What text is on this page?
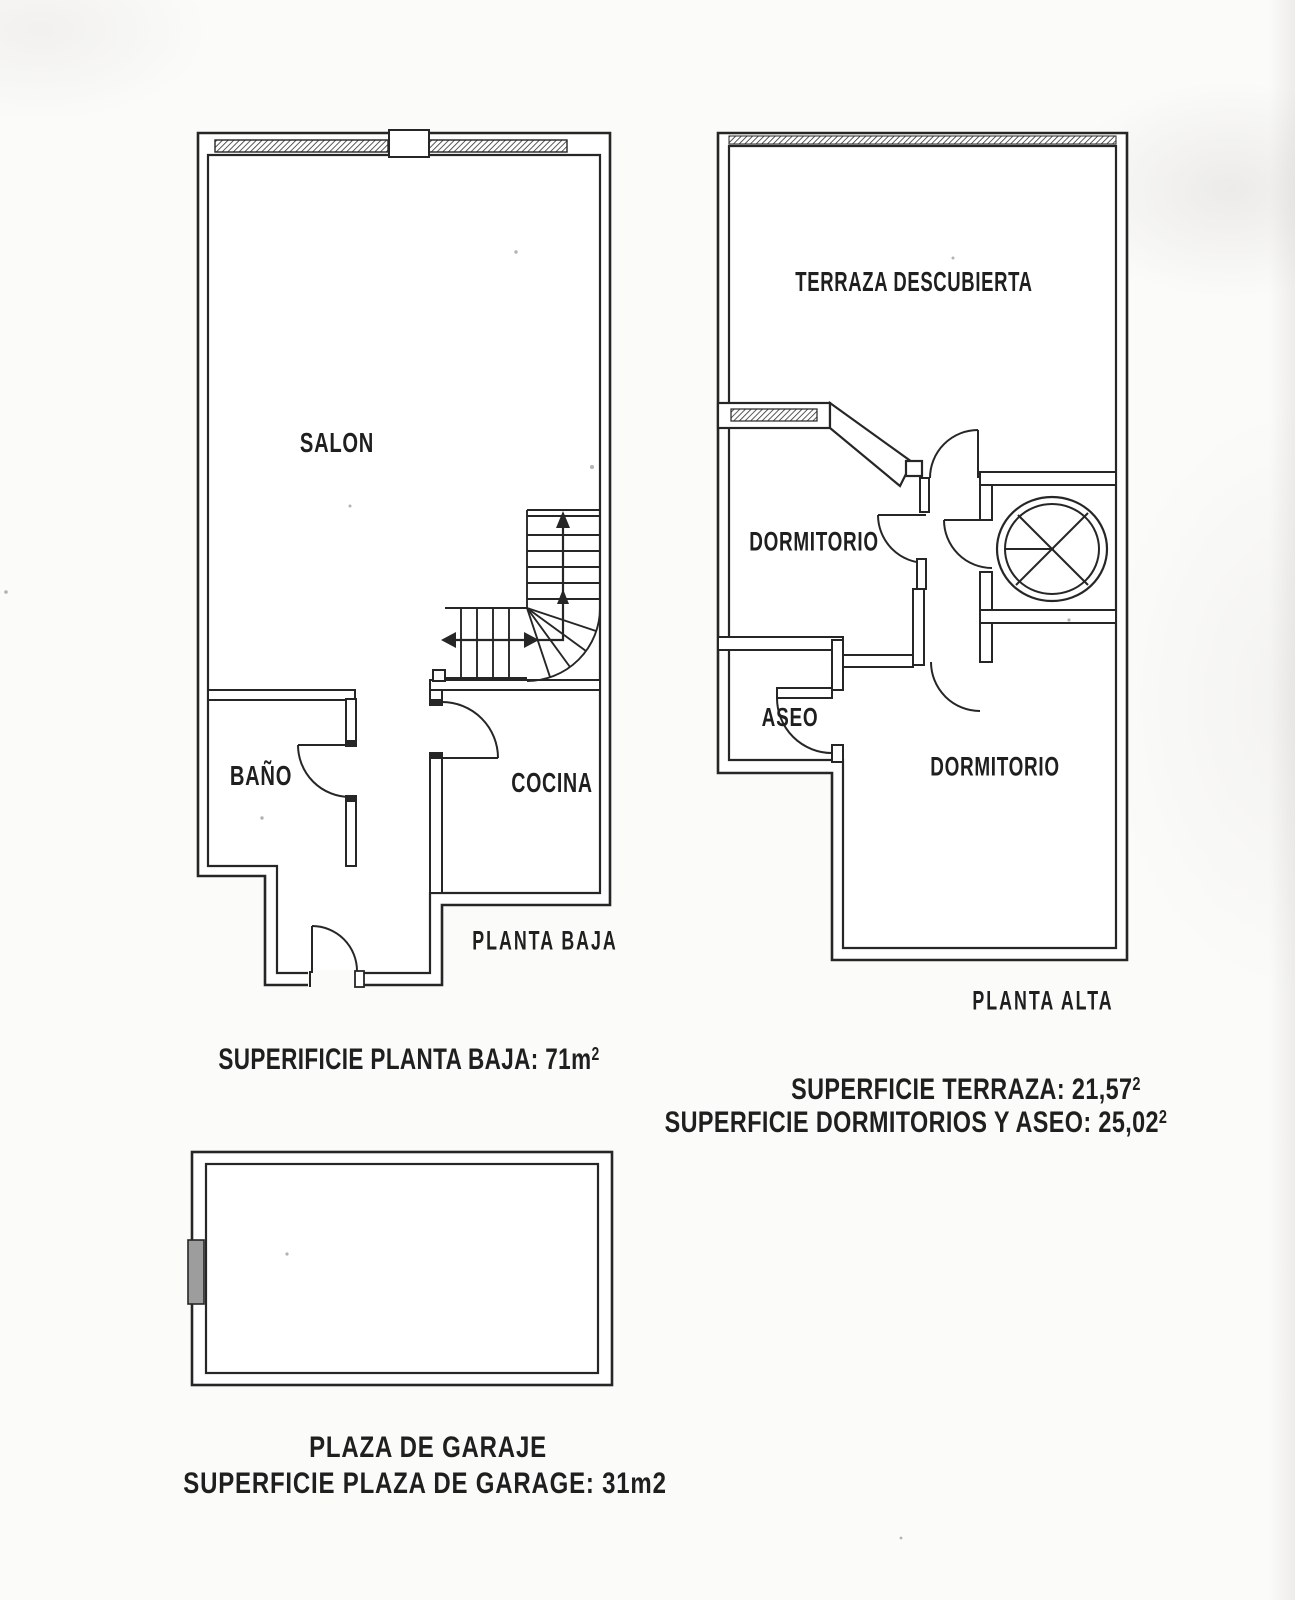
SALON
BAÑO	COCINA
PLANTA BAJA
TERRAZA DESCUBIERTA
DORMITORIO
ASEO
DORMITORIO
PLANTA ALTA
SUPERIFICIE PLANTA BAJA: $71m^2$
SUPERFICIE TERRAZA: 21,57$^2$
SUPERFICIE DORMITORIOS Y ASEO: 25,02$^2$
PLAZA DE GARAJE
SUPERFICIE PLAZA DE GARAGE: 31m2
